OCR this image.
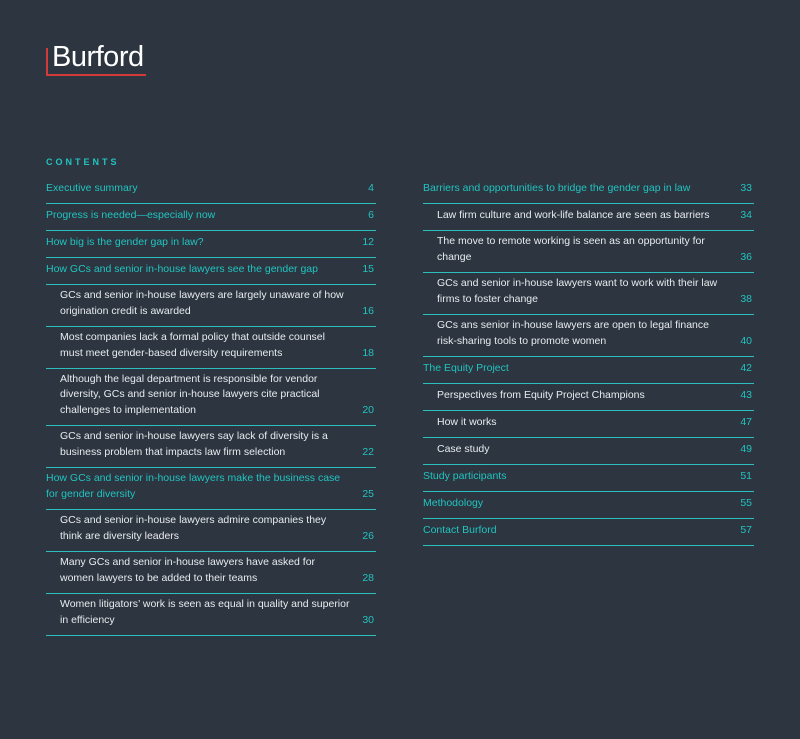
Burford
CONTENTS
Executive summary	4
Progress is needed—especially now	6
How big is the gender gap in law?	12
How GCs and senior in-house lawyers see the gender gap	15
GCs and senior in-house lawyers are largely unaware of how origination credit is awarded	16
Most companies lack a formal policy that outside counsel must meet gender-based diversity requirements	18
Although the legal department is responsible for vendor diversity, GCs and senior in-house lawyers cite practical challenges to implementation	20
GCs and senior in-house lawyers say lack of diversity is a business problem that impacts law firm selection	22
How GCs and senior in-house lawyers make the business case for gender diversity	25
GCs and senior in-house lawyers admire companies they think are diversity leaders	26
Many GCs and senior in-house lawyers have asked for women lawyers to be added to their teams	28
Women litigators’ work is seen as equal in quality and superior in efficiency	30
Barriers and opportunities to bridge the gender gap in law	33
Law firm culture and work-life balance are seen as barriers	34
The move to remote working is seen as an opportunity for change	36
GCs and senior in-house lawyers want to work with their law firms to foster change	38
GCs ans senior in-house lawyers are open to legal finance risk-sharing tools to promote women	40
The Equity Project	42
Perspectives from Equity Project Champions	43
How it works	47
Case study	49
Study participants	51
Methodology	55
Contact Burford	57
